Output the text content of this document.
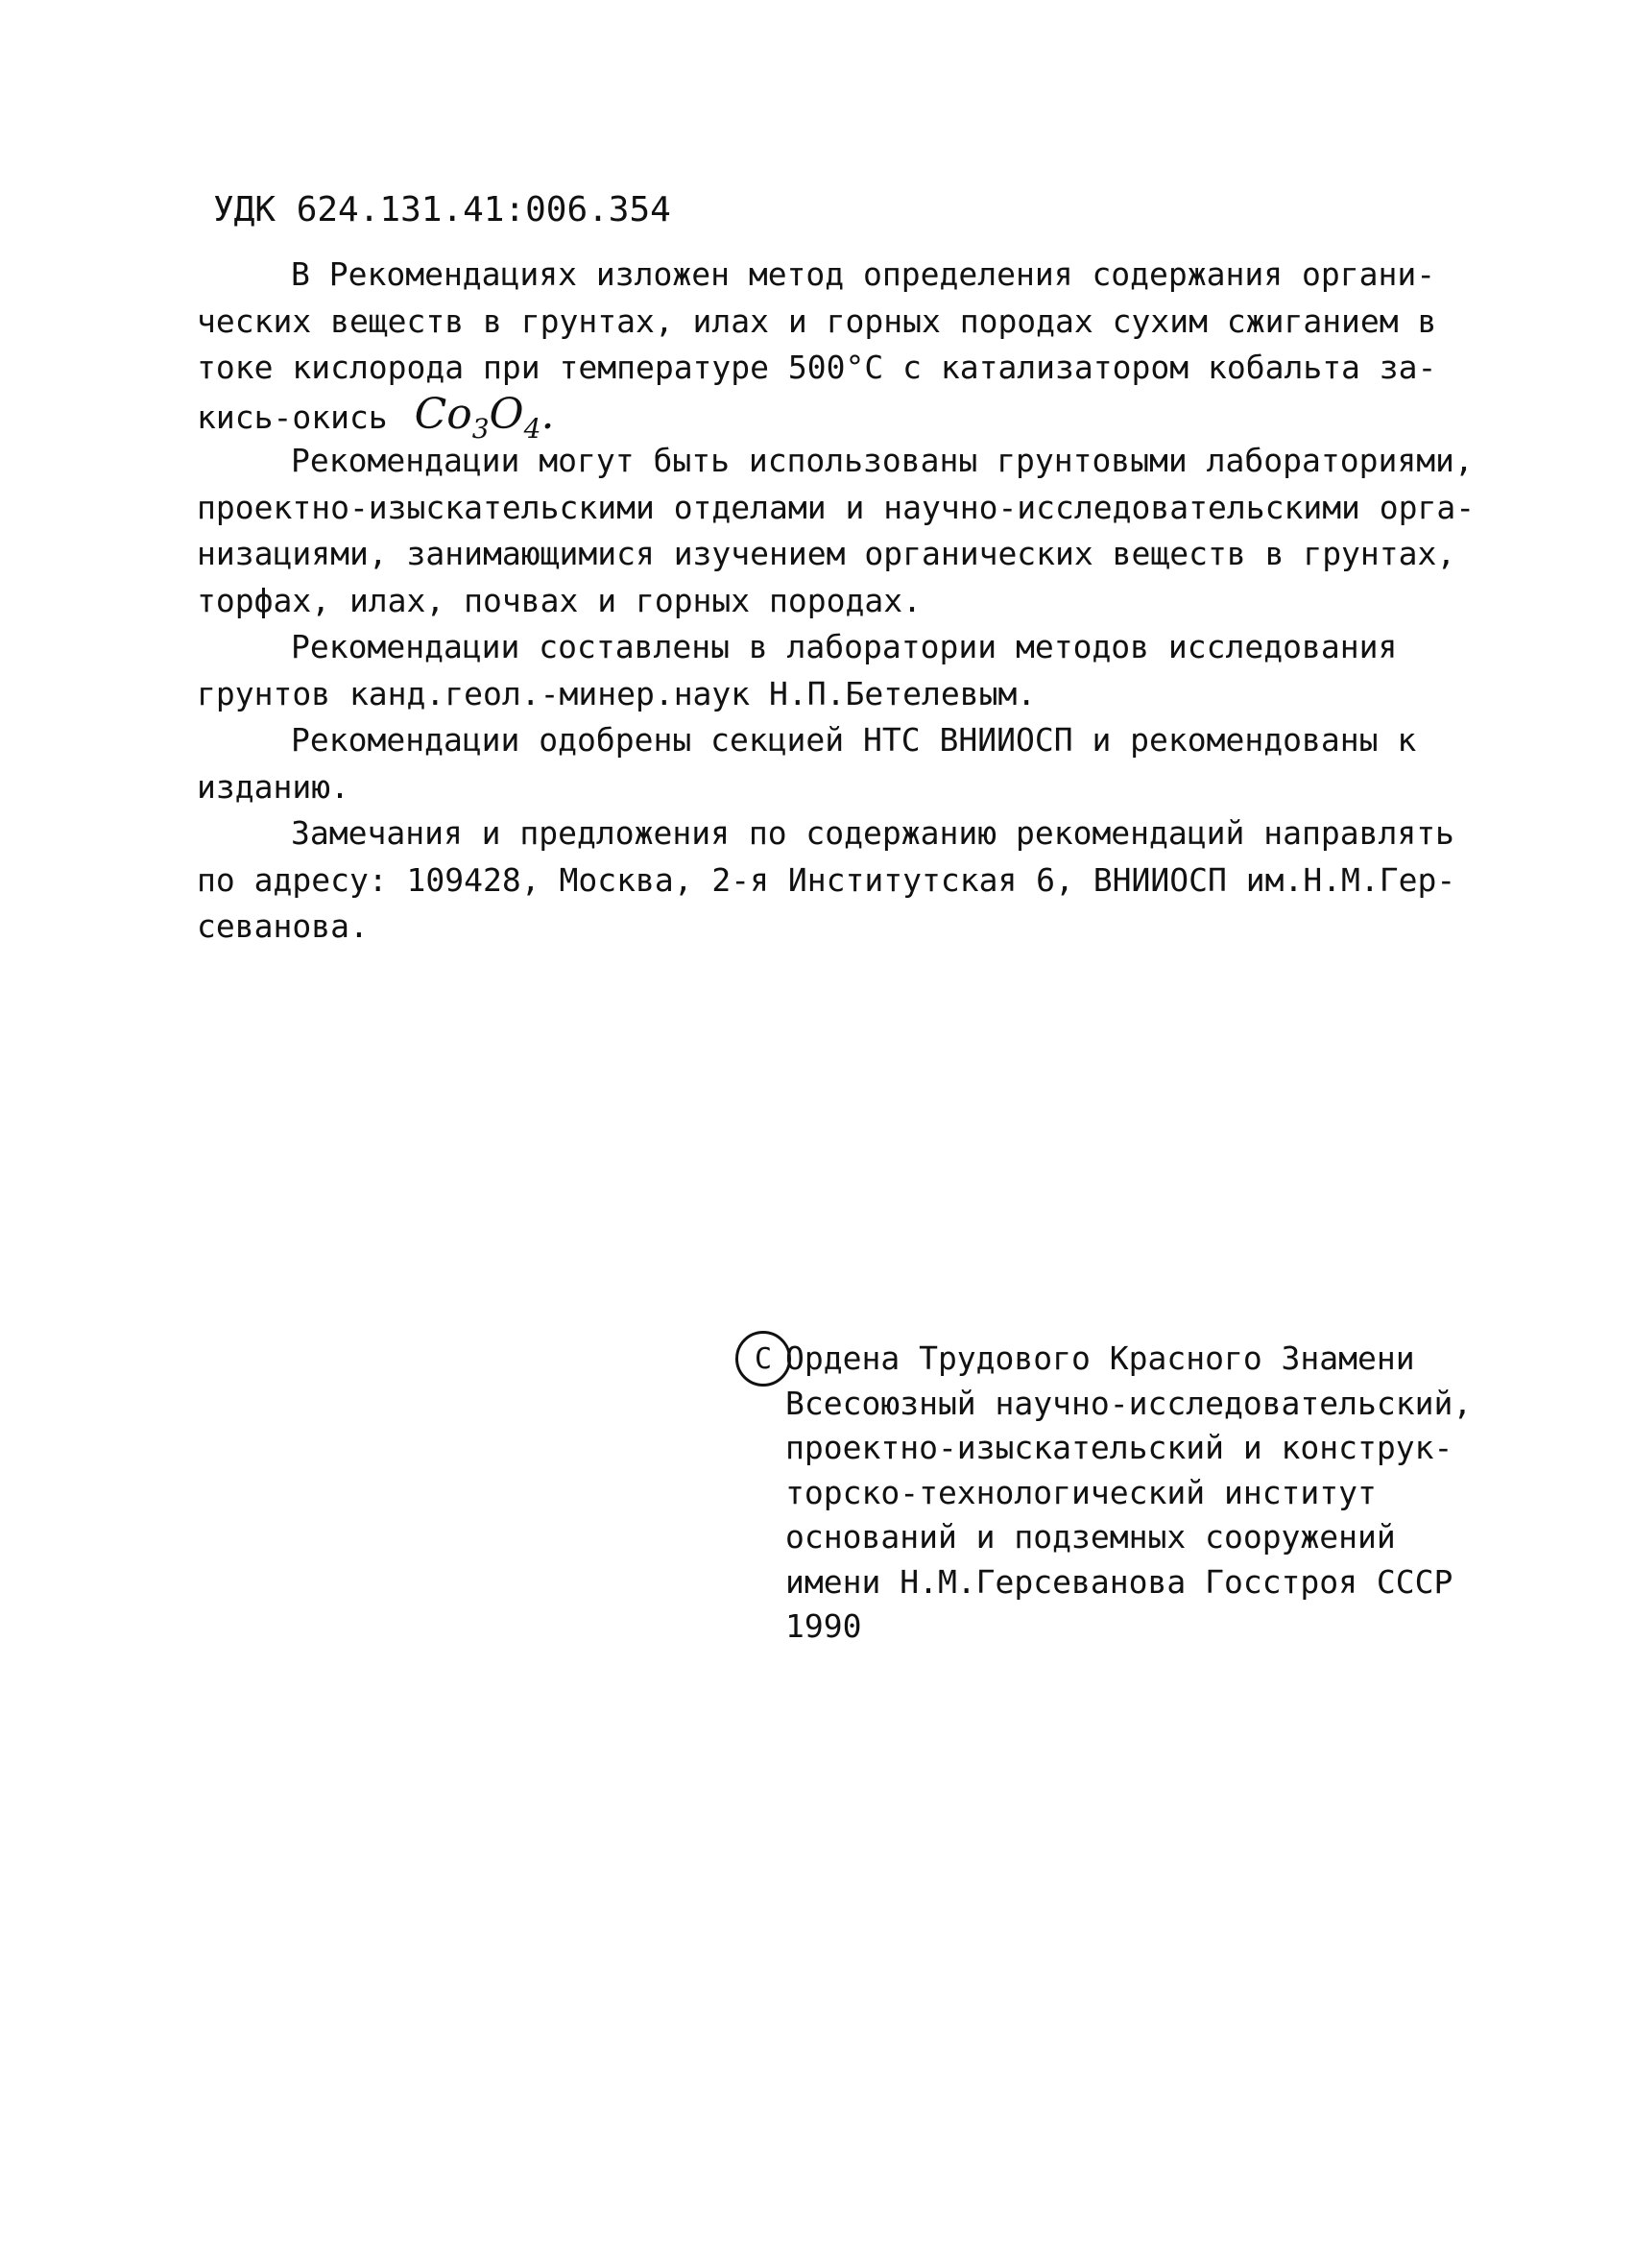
УДК 624.131.41:006.354
В Рекомендациях изложен метод определения содержания органи-
ческих веществ в грунтах, илах и горных породах сухим сжиганием в
токе кислорода при температуре 500°С с катализатором кобальта за-
кись-окись $Co_3O_4$.
Рекомендации могут быть использованы грунтовыми лабораториями,
проектно-изыскательскими отделами и научно-исследовательскими орга-
низациями, занимающимися изучением органических веществ в грунтах,
торфах, илах, почвах и горных породах.
Рекомендации составлены в лаборатории методов исследования
грунтов канд.геол.-минер.наук Н.П.Бетелевым.
Рекомендации одобрены секцией НТС ВНИИОСП и рекомендованы к
изданию.
Замечания и предложения по содержанию рекомендаций направлять
по адресу: 109428, Москва, 2-я Институтская 6, ВНИИОСП им.Н.М.Гер-
севанова.
С Ордена Трудового Красного Знамени
Всесоюзный научно-исследовательский,
проектно-изыскательский и конструк-
торско-технологический институт
оснований и подземных сооружений
имени Н.М.Герсеванова Госстроя СССР
1990
